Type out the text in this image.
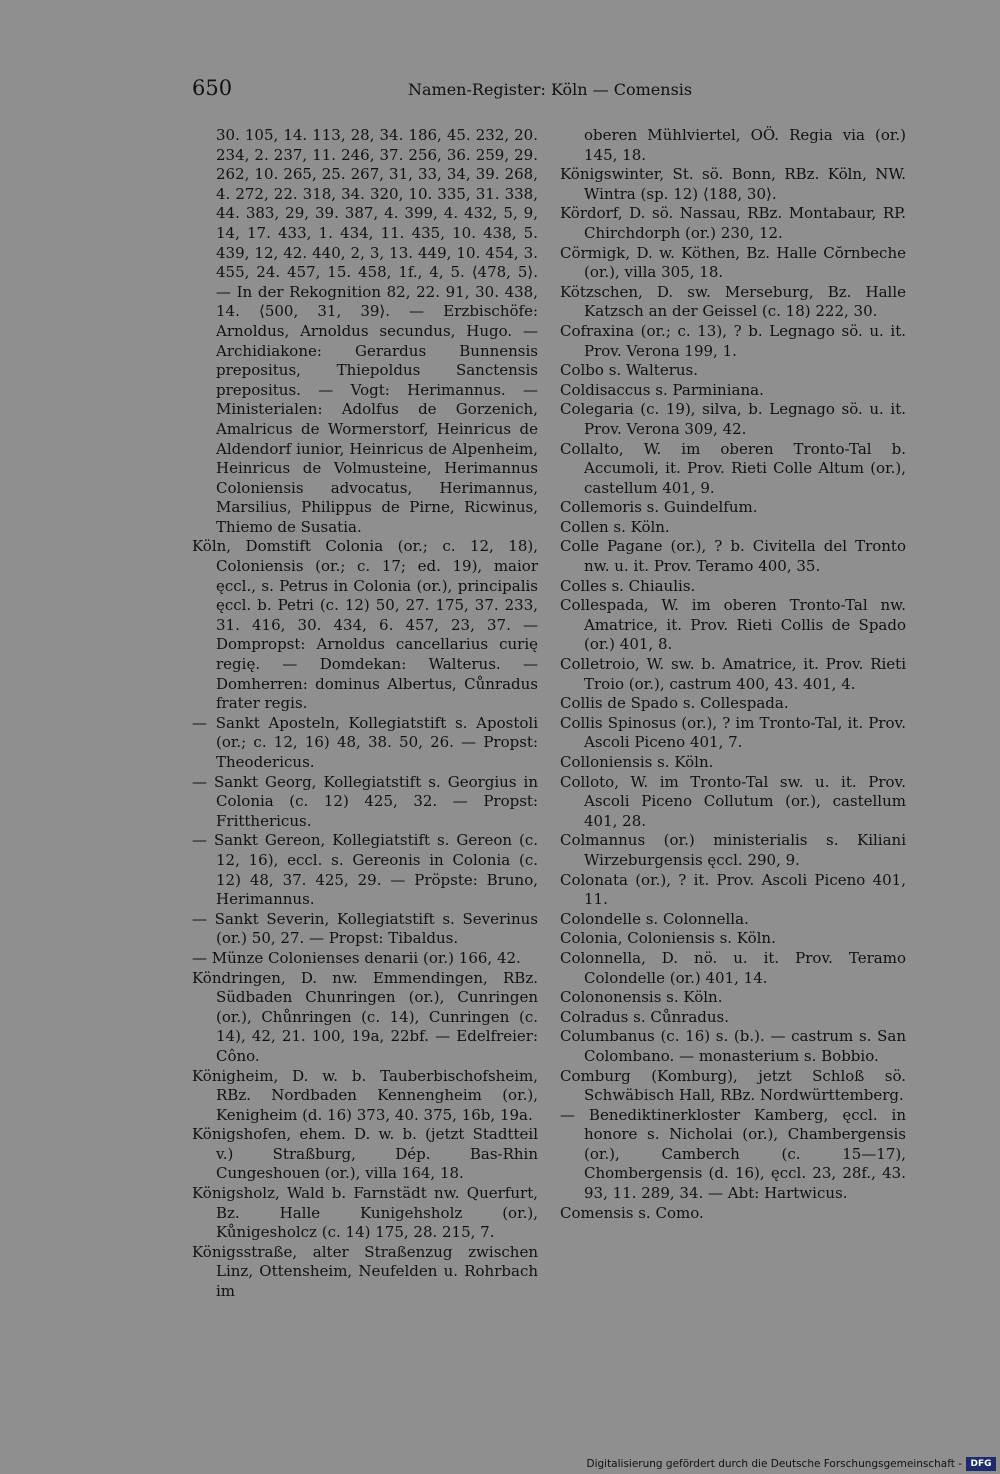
650	Namen-Register: Köln — Comensis

30. 105, 14. 113, 28, 34. 186, 45. 232, 20. 234, 2. 237, 11. 246, 37. 256, 36. 259, 29. 262, 10. 265, 25. 267, 31, 33, 34, 39. 268, 4. 272, 22. 318, 34. 320, 10. 335, 31. 338, 44. 383, 29, 39. 387, 4. 399, 4. 432, 5, 9, 14, 17. 433, 1. 434, 11. 435, 10. 438, 5. 439, 12, 42. 440, 2, 3, 13. 449, 10. 454, 3. 455, 24. 457, 15. 458, 1f., 4, 5. ⟨478, 5⟩. — In der Rekognition 82, 22. 91, 30. 438, 14. ⟨500, 31, 39⟩. — Erzbischöfe: Arnoldus, Arnoldus secundus, Hugo. — Archidiakone: Gerardus Bunnensis prepositus, Thiepoldus Sanctensis prepositus. — Vogt: Herimannus. — Ministerialen: Adolfus de Gorzenich, Amalricus de Wormerstorf, Heinricus de Aldendorf iunior, Heinricus de Alpenheim, Heinricus de Volmusteine, Herimannus Coloniensis advocatus, Herimannus, Marsilius, Philippus de Pirne, Ricwinus, Thiemo de Susatia.

Köln, Domstift Colonia (or.; c. 12, 18), Coloniensis (or.; c. 17; ed. 19), maior ęccl., s. Petrus in Colonia (or.), principalis ęccl. b. Petri (c. 12) 50, 27. 175, 37. 233, 31. 416, 30. 434, 6. 457, 23, 37. — Dompropst: Arnoldus cancellarius curię regię. — Domdekan: Walterus. — Domherren: dominus Albertus, Cůnradus frater regis.

— Sankt Aposteln, Kollegiatstift s. Apostoli (or.; c. 12, 16) 48, 38. 50, 26. — Propst: Theodericus.

— Sankt Georg, Kollegiatstift s. Georgius in Colonia (c. 12) 425, 32. — Propst: Fritthericus.

— Sankt Gereon, Kollegiatstift s. Gereon (c. 12, 16), eccl. s. Gereonis in Colonia (c. 12) 48, 37. 425, 29. — Pröpste: Bruno, Herimannus.

— Sankt Severin, Kollegiatstift s. Severinus (or.) 50, 27. — Propst: Tibaldus.

— Münze Colonienses denarii (or.) 166, 42.

Köndringen, D. nw. Emmendingen, RBz. Südbaden Chunringen (or.), Cunringen (or.), Chůnringen (c. 14), Cunringen (c. 14), 42, 21. 100, 19a, 22bf. — Edelfreier: Côno.

Königheim, D. w. b. Tauberbischofsheim, RBz. Nordbaden Kennengheim (or.), Kenigheim (d. 16) 373, 40. 375, 16b, 19a.

Königshofen, ehem. D. w. b. (jetzt Stadtteil v.) Straßburg, Dép. Bas-Rhin Cungeshouen (or.), villa 164, 18.

Königsholz, Wald b. Farnstädt nw. Querfurt, Bz. Halle Kunigehsholz (or.), Kůnigesholcz (c. 14) 175, 28. 215, 7.

Königsstraße, alter Straßenzug zwischen Linz, Ottensheim, Neufelden u. Rohrbach im

oberen Mühlviertel, OÖ. Regia via (or.) 145, 18.

Königswinter, St. sö. Bonn, RBz. Köln, NW. Wintra (sp. 12) ⟨188, 30⟩.

Kördorf, D. sö. Nassau, RBz. Montabaur, RP. Chirchdorph (or.) 230, 12.

Cörmigk, D. w. Köthen, Bz. Halle Cŏrnbeche (or.), villa 305, 18.

Kötzschen, D. sw. Merseburg, Bz. Halle Katzsch an der Geissel (c. 18) 222, 30.

Cofraxina (or.; c. 13), ? b. Legnago sö. u. it. Prov. Verona 199, 1.

Colbo s. Walterus.

Coldisaccus s. Parminiana.

Colegaria (c. 19), silva, b. Legnago sö. u. it. Prov. Verona 309, 42.

Collalto, W. im oberen Tronto-Tal b. Accumoli, it. Prov. Rieti Colle Altum (or.), castellum 401, 9.

Collemoris s. Guindelfum.

Collen s. Köln.

Colle Pagane (or.), ? b. Civitella del Tronto nw. u. it. Prov. Teramo 400, 35.

Colles s. Chiaulis.

Collespada, W. im oberen Tronto-Tal nw. Amatrice, it. Prov. Rieti Collis de Spado (or.) 401, 8.

Colletroio, W. sw. b. Amatrice, it. Prov. Rieti Troio (or.), castrum 400, 43. 401, 4.

Collis de Spado s. Collespada.

Collis Spinosus (or.), ? im Tronto-Tal, it. Prov. Ascoli Piceno 401, 7.

Colloniensis s. Köln.

Colloto, W. im Tronto-Tal sw. u. it. Prov. Ascoli Piceno Collutum (or.), castellum 401, 28.

Colmannus (or.) ministerialis s. Kiliani Wirzeburgensis ęccl. 290, 9.

Colonata (or.), ? it. Prov. Ascoli Piceno 401, 11.

Colondelle s. Colonnella.

Colonia, Coloniensis s. Köln.

Colonnella, D. nö. u. it. Prov. Teramo Colondelle (or.) 401, 14.

Colononensis s. Köln.

Colradus s. Cůnradus.

Columbanus (c. 16) s. (b.). — castrum s. San Colombano. — monasterium s. Bobbio.

Comburg (Komburg), jetzt Schloß sö. Schwäbisch Hall, RBz. Nordwürttemberg.

— Benediktinerkloster Kamberg, ęccl. in honore s. Nicholai (or.), Chambergensis (or.), Camberch (c. 15—17), Chombergensis (d. 16), ęccl. 23, 28f., 43. 93, 11. 289, 34. — Abt: Hartwicus.

Comensis s. Como.

Digitalisierung gefördert durch die Deutsche Forschungsgemeinschaft - DFG
